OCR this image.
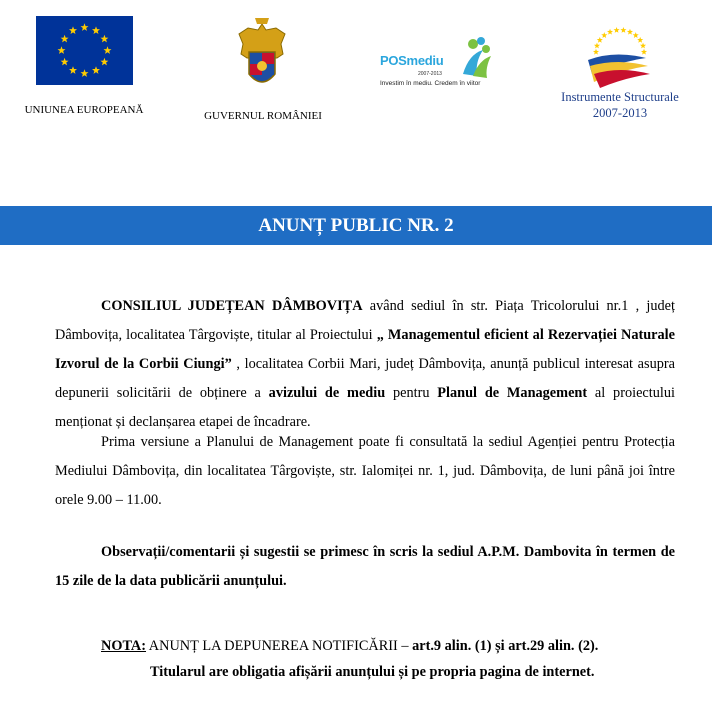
UNIUNEA EUROPEANĂ	GUVERNUL ROMÂNIEI
POSmediu
2007-2013
Investim în mediu. Credem în viitor
Instrumente Structurale
2007-2013
ANUNȚ PUBLIC NR. 2
CONSILIUL JUDEȚEAN DÂMBOVIȚA având sediul în str. Piața Tricolorului nr.1 , județ Dâmbovița, localitatea Târgoviște, titular al Proiectului „ Managementul eficient al Rezervației Naturale Izvorul de la Corbii Ciungi” , localitatea Corbii Mari, județ Dâmbovița, anunță publicul interesat asupra depunerii solicitării de obținere a avizului de mediu pentru Planul de Management al proiectului menționat și declanșarea etapei de încadrare.
Prima versiune a Planului de Management poate fi consultată la sediul Agenției pentru Protecția Mediului Dâmbovița, din localitatea Târgoviște, str. Ialomiței nr. 1, jud. Dâmbovița, de luni până joi între orele 9.00 – 11.00.
Observații/comentarii și sugestii se primesc în scris la sediul A.P.M. Dambovita în termen de 15 zile de la data publicării anunțului.
NOTA: ANUNȚ LA DEPUNEREA NOTIFICĂRII – art.9 alin. (1) și art.29 alin. (2).
Titularul are obligatia afișării anunțului și pe propria pagina de internet.
